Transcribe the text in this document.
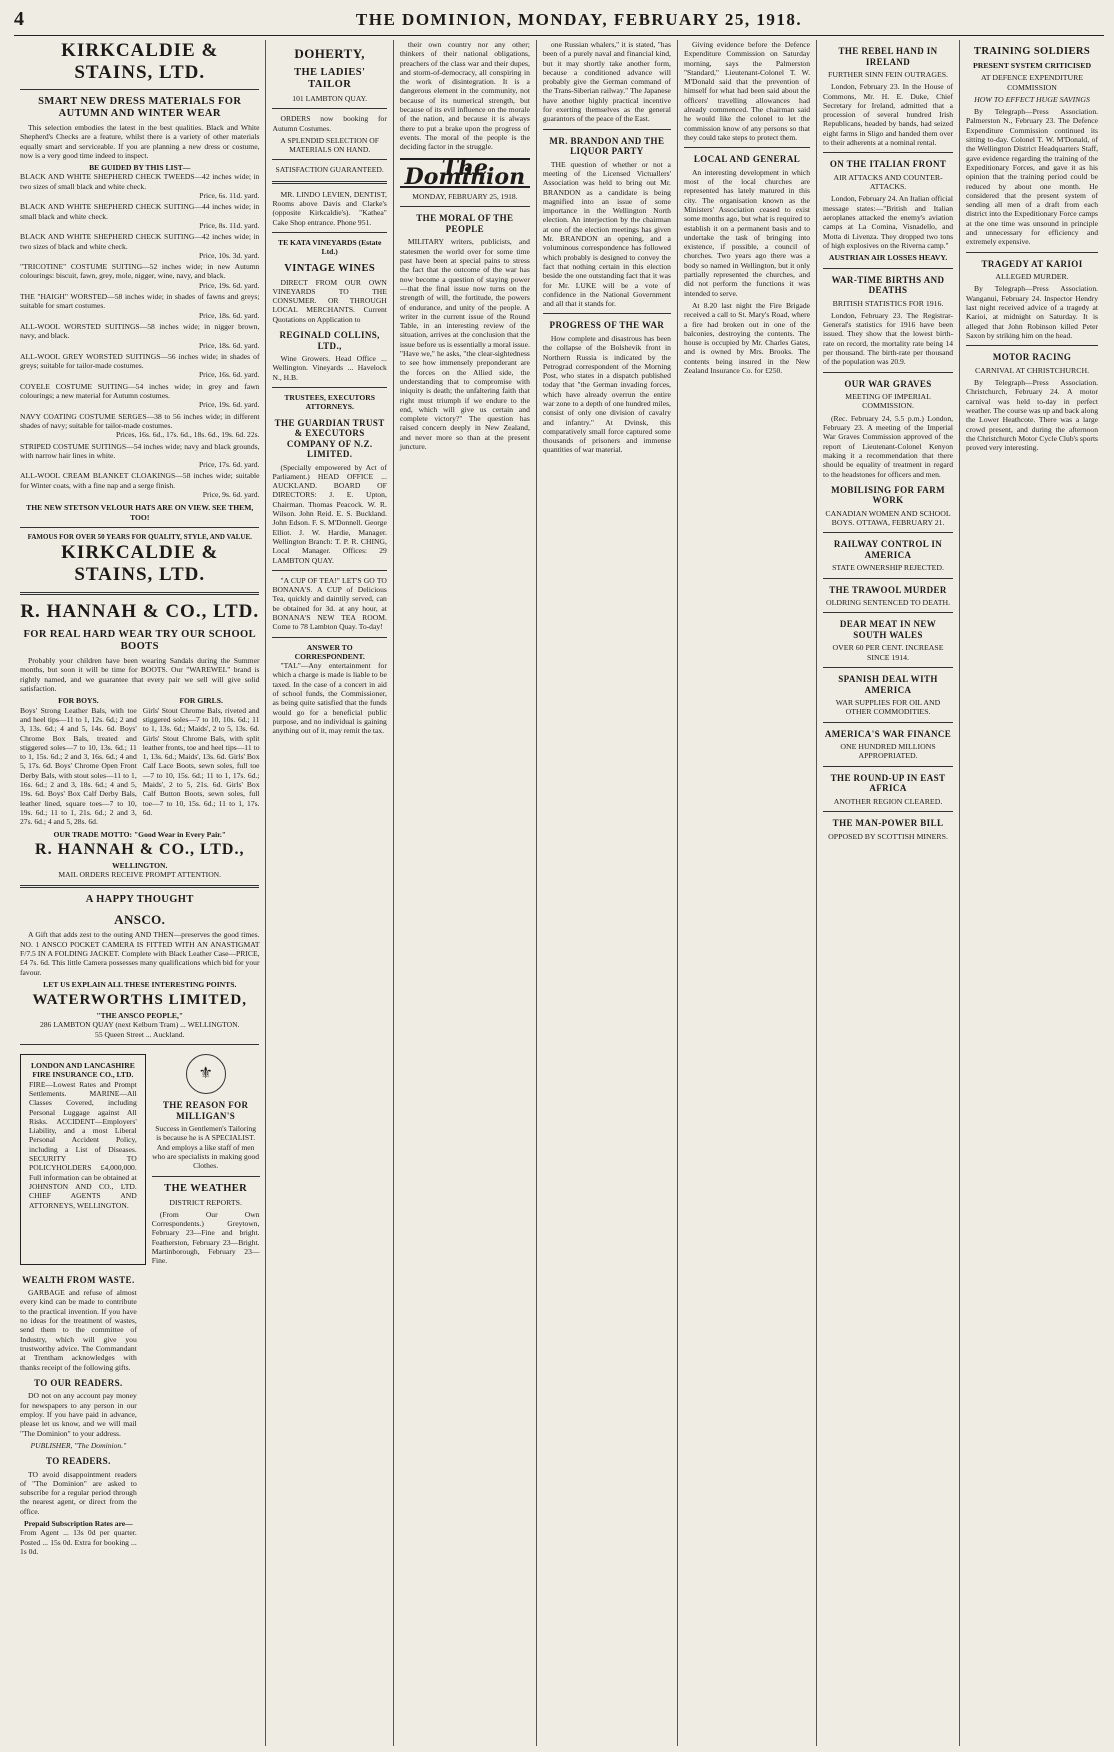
4	THE DOMINION, MONDAY, FEBRUARY 25, 1918.
KIRKCALDIE & STAINS, LTD.
SMART NEW DRESS MATERIALS FOR AUTUMN AND WINTER WEAR

This selection embodies the latest in the best qualities. Black and White Shepherd's Checks are a feature, whilst there is a variety of other materials equally smart and serviceable. If you are planning a new dress or costume, now is a very good time indeed to inspect.

BE GUIDED BY THIS LIST—
BLACK AND WHITE SHEPHERD CHECK TWEEDS—42 inches wide; in two sizes of small black and white check.
Price, 6s. 11d. yard.
BLACK AND WHITE SHEPHERD CHECK SUITING—44 inches wide; in small black and white check.
Price, 8s. 11d. yard.
BLACK AND WHITE SHEPHERD CHECK SUITING—42 inches wide; in two sizes of black and white check.
Price, 10s. 3d. yard.
"TRICOTINE" COSTUME SUITING—52 inches wide; in new Autumn colourings: biscuit, fawn, grey, mole, nigger, wine, navy, and black.
Price, 19s. 6d. yard.
THE "HAIGH" WORSTED—58 inches wide; in shades of fawns and greys; suitable for smart costumes.
Price, 18s. 6d. yard.
ALL-WOOL WORSTED SUITINGS—58 inches wide; in nigger brown, navy, and black.
Price, 18s. 6d. yard.
ALL-WOOL GREY WORSTED SUITINGS—56 inches wide; in shades of greys; suitable for tailor-made costumes.
Price, 16s. 6d. yard.
COYELE COSTUME SUITING—54 inches wide; in grey and fawn colourings; a new material for Autumn costumes.
Price, 19s. 6d. yard.
NAVY COATING COSTUME SERGES—38 to 56 inches wide; in different shades of navy; suitable for tailor-made costumes.
Prices, 16s. 6d., 17s. 6d., 18s. 6d., 19s. 6d. 22s.
STRIPED COSTUME SUITINGS—54 inches wide; navy and black grounds, with narrow hair lines in white.
Price, 17s. 6d. yard.
ALL-WOOL CREAM BLANKET CLOAKINGS—58 inches wide; suitable for Winter coats, with a fine nap and a serge finish.
Price, 9s. 6d. yard.
THE NEW STETSON VELOUR HATS ARE ON VIEW. SEE THEM, TOO!
FAMOUS FOR OVER 50 YEARS FOR QUALITY, STYLE, AND VALUE.
KIRKCALDIE & STAINS, LTD.
R. HANNAH & CO., LTD.
FOR REAL HARD WEAR TRY OUR SCHOOL BOOTS

Probably your children have been wearing Sandals during the Summer months, but soon it will be time for BOOTS. Our "WAREWEL" brand is rightly named, and we guarantee that every pair we sell will give solid satisfaction.

FOR BOYS.
Boys' Strong Leather Bals, with toe and heel tips—11 to 1, 12s. 6d.; 2 and 3, 13s. 6d.; 4 and 5, 14s. 6d. Boys' Chrome Box Bals, treated and stiggered soles—7 to 10, 13s. 6d.; 11 to 1, 15s. 6d.; 2 and 3, 16s. 6d.; 4 and 5, 17s. 6d. Boys' Chrome Open Front Derby Bals, with stout soles—11 to 1, 16s. 6d.; 2 and 3, 18s. 6d.; 4 and 5, 19s. 6d. Boys' Box Calf Derby Bals, leather lined, square toes—7 to 10, 19s. 6d.; 11 to 1, 21s. 6d.; 2 and 3, 27s. 6d.; 4 and 5, 28s. 6d.
FOR GIRLS.
Girls' Stout Chrome Bals, riveted and stiggered soles—7 to 10, 10s. 6d.; 11 to 1, 13s. 6d.; Maids', 2 to 5, 13s. 6d. Girls' Stout Chrome Bals, with split leather fronts, toe and heel tips—11 to 1, 13s. 6d.; Maids', 13s. 6d. Girls' Box Calf Lace Boots, sewn soles, full toe—7 to 10, 15s. 6d.; 11 to 1, 17s. 6d.; Maids', 2 to 5, 21s. 6d. Girls' Box Calf Button Boots, sewn soles, full toe—7 to 10, 15s. 6d.; 11 to 1, 17s. 6d.
OUR TRADE MOTTO: "Good Wear in Every Pair."
R. HANNAH & CO., LTD.,
WELLINGTON.
MAIL ORDERS RECEIVE PROMPT ATTENTION.
A HAPPY THOUGHT
ANSCO.

A Gift that adds zest to the outing AND THEN—preserves the good times. NO. 1 ANSCO POCKET CAMERA IS FITTED WITH AN ANASTIGMAT F/7.5 IN A FOLDING JACKET. Complete with Black Leather Case—PRICE, £4 7s. 6d. This little Camera possesses many qualifications which bid for your favour.

LET US EXPLAIN ALL THESE INTERESTING POINTS.
WATERWORTHS LIMITED,
"THE ANSCO PEOPLE,"
286 LAMBTON QUAY (next Kelburn Tram) ... WELLINGTON.
55 Queen Street ... Auckland.
LONDON AND LANCASHIRE FIRE INSURANCE CO., LTD.
FIRE—Lowest Rates and Prompt Settlements. MARINE—All Classes Covered, including Personal Luggage against All Risks. ACCIDENT—Employers' Liability, and a most Liberal Personal Accident Policy, including a List of Diseases. SECURITY TO POLICYHOLDERS £4,000,000. Full information can be obtained at JOHNSTON AND CO., LTD. CHIEF AGENTS AND ATTORNEYS, WELLINGTON.
⚜
THE REASON FOR MILLIGAN'S
Success in Gentlemen's Tailoring is because he is A SPECIALIST. And employs a like staff of men who are specialists in making good Clothes.
THE WEATHER
DISTRICT REPORTS.

(From Our Own Correspondents.) Greytown, February 23—Fine and bright. Featherston, February 23—Bright. Martinborough, February 23—Fine.

WEALTH FROM WASTE.

GARBAGE and refuse of almost every kind can be made to contribute to the practical invention. If you have no ideas for the treatment of wastes, send them to the committee of Industry, which will give you trustworthy advice. The Commandant at Trentham acknowledges with thanks receipt of the following gifts.

TO OUR READERS.

DO not on any account pay money for newspapers to any person in our employ. If you have paid in advance, please let us know, and we will mail "The Dominion" to your address.

PUBLISHER, "The Dominion."
TO READERS.

TO avoid disappointment readers of "The Dominion" are asked to subscribe for a regular period through the nearest agent, or direct from the office.

Prepaid Subscription Rates are—
From Agent ... 13s 0d per quarter. Posted ... 15s 0d. Extra for booking ... 1s 0d.
DOHERTY,
THE LADIES' TAILOR
101 LAMBTON QUAY.

ORDERS now booking for Autumn Costumes.

A SPLENDID SELECTION OF MATERIALS ON HAND.
SATISFACTION GUARANTEED.

MR. LINDO LEVIEN, DENTIST, Rooms above Davis and Clarke's (opposite Kirkcaldie's). "Kathea" Cake Shop entrance. Phone 951.

TE KATA VINEYARDS (Estate Ltd.)
VINTAGE WINES

DIRECT FROM OUR OWN VINEYARDS TO THE CONSUMER. OR THROUGH LOCAL MERCHANTS. Current Quotations on Application to

REGINALD COLLINS, LTD.,

Wine Growers. Head Office ... Wellington. Vineyards ... Havelock N., H.B.

TRUSTEES, EXECUTORS ATTORNEYS.
THE GUARDIAN TRUST & EXECUTORS COMPANY OF N.Z. LIMITED.

(Specially empowered by Act of Parliament.) HEAD OFFICE ... AUCKLAND. BOARD OF DIRECTORS: J. E. Upton, Chairman. Thomas Peacock. W. R. Wilson. John Reid. E. S. Buckland. John Edson. F. S. M'Donnell. George Elliot. J. W. Hardie, Manager. Wellington Branch: T. P. R. CHING, Local Manager. Offices: 29 LAMBTON QUAY.

"A CUP OF TEA!" LET'S GO TO BONANA'S. A CUP of Delicious Tea, quickly and daintily served, can be obtained for 3d. at any hour, at BONANA'S NEW TEA ROOM. Come to 78 Lambton Quay. To-day!

ANSWER TO CORRESPONDENT.

"TAL"—Any entertainment for which a charge is made is liable to be taxed. In the case of a concert in aid of school funds, the Commissioner, as being quite satisfied that the funds would go for a beneficial public purpose, and no individual is gaining anything out of it, may remit the tax.

their own country nor any other; thinkers of their national obligations, preachers of the class war and their dupes, and storm-of-democracy, all conspiring in the work of disintegration. It is a dangerous element in the community, not because of its numerical strength, but because of its evil influence on the morale of the nation, and because it is always there to put a brake upon the progress of events. The moral of the people is the deciding factor in the struggle.

The Dominion
MONDAY, FEBRUARY 25, 1918.
THE MORAL OF THE PEOPLE

MILITARY writers, publicists, and statesmen the world over for some time past have been at special pains to stress the fact that the outcome of the war has now become a question of staying power—that the final issue now turns on the strength of will, the fortitude, the powers of endurance, and unity of the people. A writer in the current issue of the Round Table, in an interesting review of the situation, arrives at the conclusion that the issue before us is essentially a moral issue. "Have we," he asks, "the clear-sightedness to see how immensely preponderant are the forces on the Allied side, the understanding that to compromise with iniquity is death; the unfaltering faith that right must triumph if we endure to the end, which will give us certain and complete victory?" The question has raised concern deeply in New Zealand, and never more so than at the present juncture.

one Russian whalers," it is stated, "has been of a purely naval and financial kind, but it may shortly take another form, because a conditioned advance will probably give the German command of the Trans-Siberian railway." The Japanese have another highly practical incentive for exerting themselves as the general guarantors of the peace of the East.

MR. BRANDON AND THE LIQUOR PARTY

THE question of whether or not a meeting of the Licensed Victuallers' Association was held to bring out Mr. BRANDON as a candidate is being magnified into an issue of some importance in the Wellington North election. An interjection by the chairman at one of the election meetings has given Mr. BRANDON an opening, and a voluminous correspondence has followed which probably is designed to convey the fact that nothing certain in this election beside the one outstanding fact that it was for Mr. LUKE will be a vote of confidence in the National Government and all that it stands for.

PROGRESS OF THE WAR

How complete and disastrous has been the collapse of the Bolshevik front in Northern Russia is indicated by the Petrograd correspondent of the Morning Post, who states in a dispatch published today that "the German invading forces, which have already overrun the entire war zone to a depth of one hundred miles, consist of only one division of cavalry and infantry." At Dvinsk, this comparatively small force captured some thousands of prisoners and immense quantities of war material.

Giving evidence before the Defence Expenditure Commission on Saturday morning, says the Palmerston "Standard," Lieutenant-Colonel T. W. M'Donald said that the prevention of himself for what had been said about the officers' travelling allowances had already commenced. The chairman said he would like the colonel to let the commission know of any persons so that they could take steps to protect them.

LOCAL AND GENERAL

An interesting development in which most of the local churches are represented has lately matured in this city. The organisation known as the Ministers' Association ceased to exist some months ago, but what is required to establish it on a permanent basis and to undertake the task of bringing into existence, if possible, a council of churches. Two years ago there was a body so named in Wellington, but it only partially represented the churches, and did not perform the functions it was intended to serve.

At 8.20 last night the Fire Brigade received a call to St. Mary's Road, where a fire had broken out in one of the balconies, destroying the contents. The house is occupied by Mr. Charles Gates, and is owned by Mrs. Brooks. The contents being insured in the New Zealand Insurance Co. for £250.

THE REBEL HAND IN IRELAND
FURTHER SINN FEIN OUTRAGES.

London, February 23. In the House of Commons, Mr. H. E. Duke, Chief Secretary for Ireland, admitted that a procession of several hundred Irish Republicans, headed by bands, had seized eight farms in Sligo and handed them over to their adherents at a nominal rental.

ON THE ITALIAN FRONT
AIR ATTACKS AND COUNTER-ATTACKS.

London, February 24. An Italian official message states:—"British and Italian aeroplanes attacked the enemy's aviation camps at La Comina, Visnadello, and Motta di Livenza. They dropped two tons of high explosives on the Riverna camp."

AUSTRIAN AIR LOSSES HEAVY.
WAR-TIME BIRTHS AND DEATHS
BRITISH STATISTICS FOR 1916.

London, February 23. The Registrar-General's statistics for 1916 have been issued. They show that the lowest birth-rate on record, the mortality rate being 14 per thousand. The birth-rate per thousand of the population was 20.9.

OUR WAR GRAVES
MEETING OF IMPERIAL COMMISSION.

(Rec. February 24, 5.5 p.m.) London, February 23. A meeting of the Imperial War Graves Commission approved of the report of Lieutenant-Colonel Kenyon making it a recommendation that there should be equality of treatment in regard to the headstones for officers and men.

MOBILISING FOR FARM WORK
CANADIAN WOMEN AND SCHOOL BOYS. OTTAWA, FEBRUARY 21.
RAILWAY CONTROL IN AMERICA
STATE OWNERSHIP REJECTED.
THE TRAWOOL MURDER
OLDRING SENTENCED TO DEATH.
DEAR MEAT IN NEW SOUTH WALES
OVER 60 PER CENT. INCREASE SINCE 1914.
SPANISH DEAL WITH AMERICA
WAR SUPPLIES FOR OIL AND OTHER COMMODITIES.
AMERICA'S WAR FINANCE
ONE HUNDRED MILLIONS APPROPRIATED.
THE ROUND-UP IN EAST AFRICA
ANOTHER REGION CLEARED.
THE MAN-POWER BILL
OPPOSED BY SCOTTISH MINERS.
TRAINING SOLDIERS
PRESENT SYSTEM CRITICISED
AT DEFENCE EXPENDITURE COMMISSION
HOW TO EFFECT HUGE SAVINGS

By Telegraph—Press Association. Palmerston N., February 23. The Defence Expenditure Commission continued its sitting to-day. Colonel T. W. M'Donald, of the Wellington District Headquarters Staff, gave evidence regarding the training of the Expeditionary Forces, and gave it as his opinion that the training period could be reduced by about one month. He considered that the present system of sending all men of a draft from each district into the Expeditionary Force camps at the one time was unsound in principle and unnecessary for efficiency and extremely expensive.

TRAGEDY AT KARIOI
ALLEGED MURDER.

By Telegraph—Press Association. Wanganui, February 24. Inspector Hendry last night received advice of a tragedy at Karioi, at midnight on Saturday. It is alleged that John Robinson killed Peter Saxon by striking him on the head.

MOTOR RACING
CARNIVAL AT CHRISTCHURCH.

By Telegraph—Press Association. Christchurch, February 24. A motor carnival was held to-day in perfect weather. The course was up and back along the Lower Heathcote. There was a large crowd present, and during the afternoon the Christchurch Motor Cycle Club's sports proved very interesting.
